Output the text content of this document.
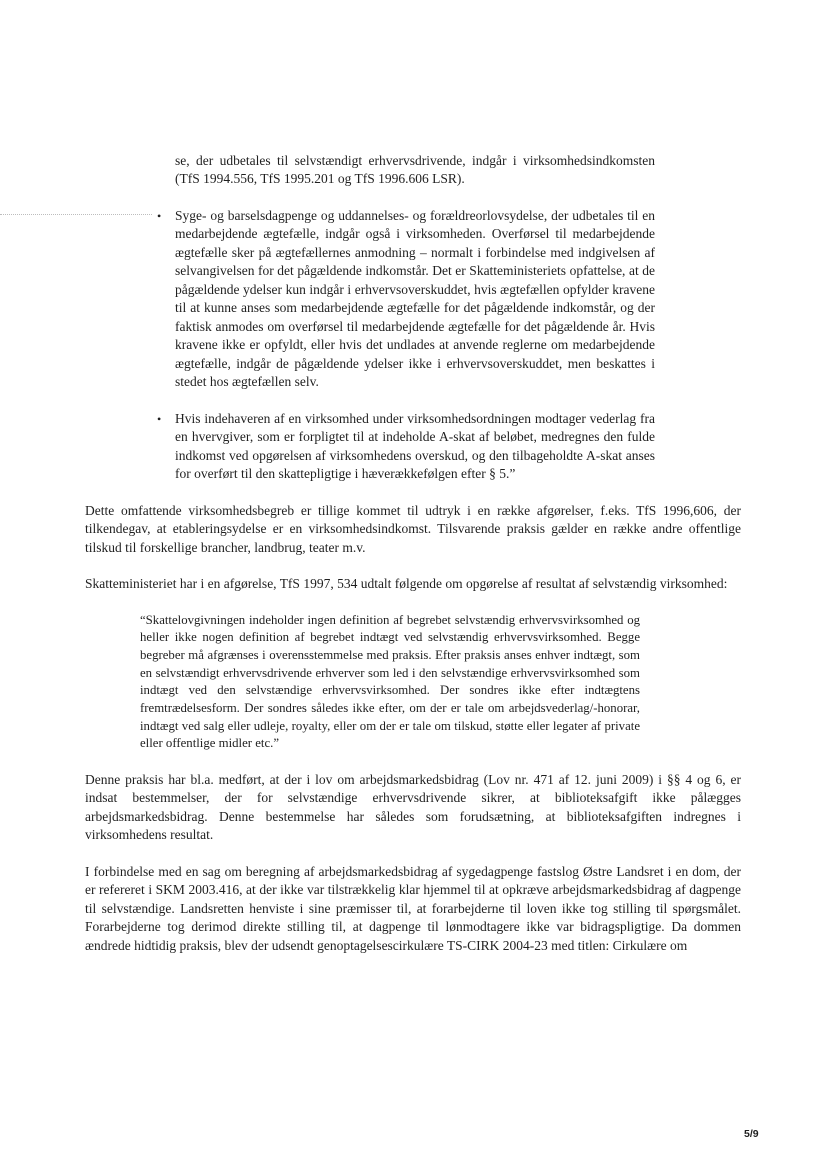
se, der udbetales til selvstændigt erhvervsdrivende, indgår i virksomhedsindkomsten (TfS 1994.556, TfS 1995.201 og TfS 1996.606 LSR).

•	Syge- og barselsdagpenge og uddannelses- og forældreorlovsydelse, der udbetales til en medarbejdende ægtefælle, indgår også i virksomheden. Overførsel til medarbejdende ægtefælle sker på ægtefællernes anmodning – normalt i forbindelse med indgivelsen af selvangivelsen for det pågældende indkomstår. Det er Skatteministeriets opfattelse, at de pågældende ydelser kun indgår i erhvervsoverskuddet, hvis ægtefællen opfylder kravene til at kunne anses som medarbejdende ægtefælle for det pågældende indkomstår, og der faktisk anmodes om overførsel til medarbejdende ægtefælle for det pågældende år. Hvis kravene ikke er opfyldt, eller hvis det undlades at anvende reglerne om medarbejdende ægtefælle, indgår de pågældende ydelser ikke i erhvervsoverskuddet, men beskattes i stedet hos ægtefællen selv.
•	Hvis indehaveren af en virksomhed under virksomhedsordningen modtager vederlag fra en hvervgiver, som er forpligtet til at indeholde A-skat af beløbet, medregnes den fulde indkomst ved opgørelsen af virksomhedens overskud, og den tilbageholdte A-skat anses for overført til den skattepligtige i hæverækkefølgen efter § 5.”

Dette omfattende virksomhedsbegreb er tillige kommet til udtryk i en række afgørelser, f.eks. TfS 1996,606, der tilkendegav, at etableringsydelse er en virksomhedsindkomst. Tilsvarende praksis gælder en række andre offentlige tilskud til forskellige brancher, landbrug, teater m.v.

Skatteministeriet har i en afgørelse, TfS 1997, 534 udtalt følgende om opgørelse af resultat af selvstændig virksomhed:

“Skattelovgivningen indeholder ingen definition af begrebet selvstændig erhvervsvirksomhed og heller ikke nogen definition af begrebet indtægt ved selvstændig erhvervsvirksomhed. Begge begreber må afgrænses i overensstemmelse med praksis. Efter praksis anses enhver indtægt, som en selvstændigt erhvervsdrivende erhverver som led i den selvstændige erhvervsvirksomhed som indtægt ved den selvstændige erhvervsvirksomhed. Der sondres ikke efter indtægtens fremtrædelsesform. Der sondres således ikke efter, om der er tale om arbejdsvederlag/-honorar, indtægt ved salg eller udleje, royalty, eller om der er tale om tilskud, støtte eller legater af private eller offentlige midler etc.”

Denne praksis har bl.a. medført, at der i lov om arbejdsmarkedsbidrag (Lov nr. 471 af 12. juni 2009) i §§ 4 og 6, er indsat bestemmelser, der for selvstændige erhvervsdrivende sikrer, at biblioteksafgift ikke pålægges arbejdsmarkedsbidrag. Denne bestemmelse har således som forudsætning, at biblioteksafgiften indregnes i virksomhedens resultat.

I forbindelse med en sag om beregning af arbejdsmarkedsbidrag af sygedagpenge fastslog Østre Landsret i en dom, der er refereret i SKM 2003.416, at der ikke var tilstrækkelig klar hjemmel til at opkræve arbejdsmarkedsbidrag af dagpenge til selvstændige. Landsretten henviste i sine præmisser til, at forarbejderne til loven ikke tog stilling til spørgsmålet. Forarbejderne tog derimod direkte stilling til, at dagpenge til lønmodtagere ikke var bidragspligtige. Da dommen ændrede hidtidig praksis, blev der udsendt genoptagelsescirkulære TS-CIRK 2004-23 med titlen: Cirkulære om

5/9
